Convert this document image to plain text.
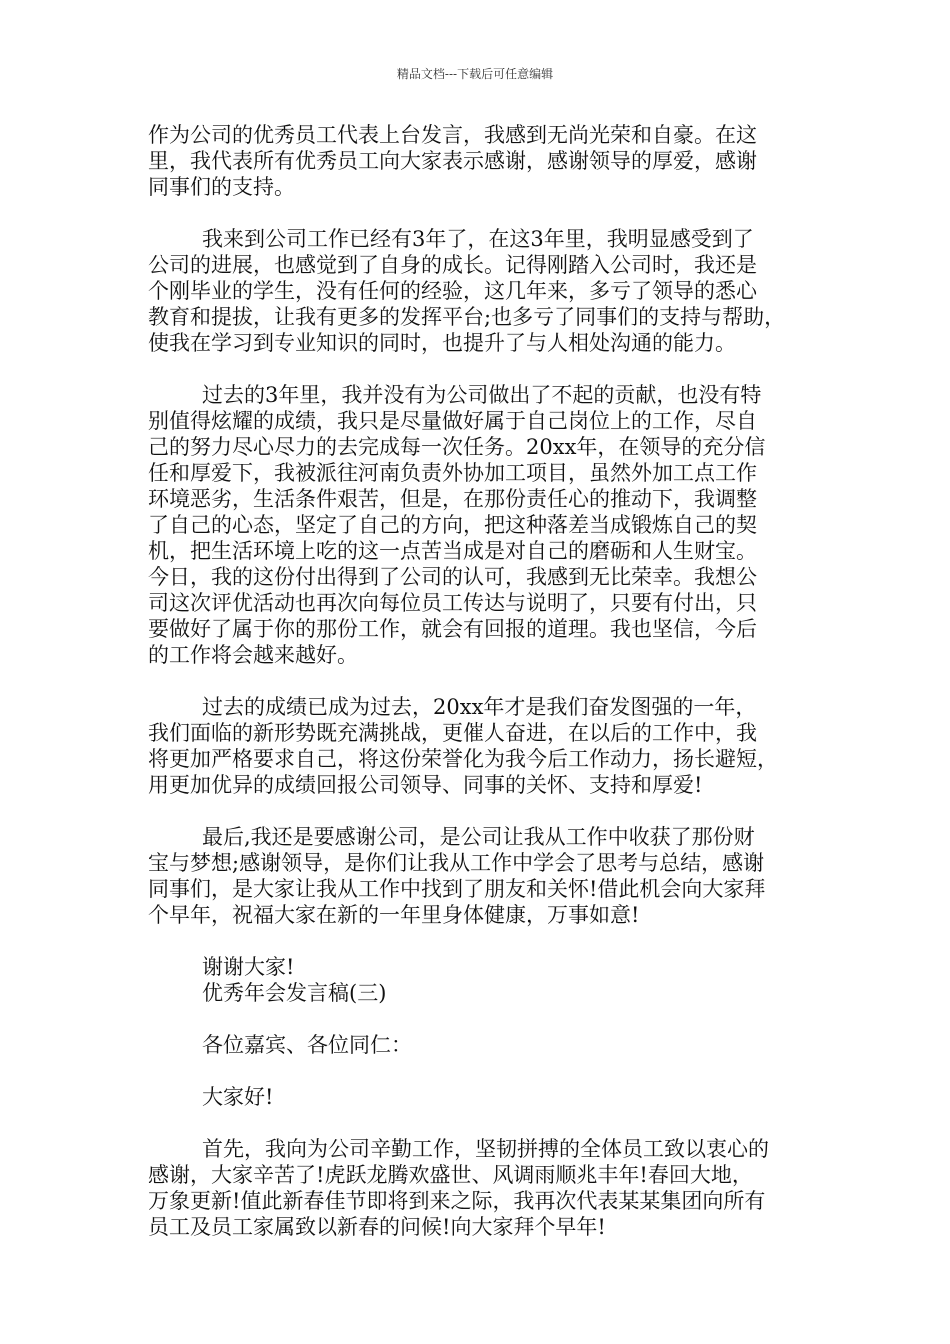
精品文档---下载后可任意编辑
作为公司的优秀员工代表上台发言，我感到无尚光荣和自豪。在这
里，我代表所有优秀员工向大家表示感谢，感谢领导的厚爱，感谢
同事们的支持。
我来到公司工作已经有3年了，在这3年里，我明显感受到了
公司的进展，也感觉到了自身的成长。记得刚踏入公司时，我还是
个刚毕业的学生，没有任何的经验，这几年来，多亏了领导的悉心
教育和提拔，让我有更多的发挥平台;也多亏了同事们的支持与帮助，
使我在学习到专业知识的同时，也提升了与人相处沟通的能力。
过去的3年里，我并没有为公司做出了不起的贡献，也没有特
别值得炫耀的成绩，我只是尽量做好属于自己岗位上的工作，尽自
己的努力尽心尽力的去完成每一次任务。20xx年，在领导的充分信
任和厚爱下，我被派往河南负责外协加工项目，虽然外加工点工作
环境恶劣，生活条件艰苦，但是，在那份责任心的推动下，我调整
了自己的心态，坚定了自己的方向，把这种落差当成锻炼自己的契
机，把生活环境上吃的这一点苦当成是对自己的磨砺和人生财宝。
今日，我的这份付出得到了公司的认可，我感到无比荣幸。我想公
司这次评优活动也再次向每位员工传达与说明了，只要有付出，只
要做好了属于你的那份工作，就会有回报的道理。我也坚信，今后
的工作将会越来越好。
过去的成绩已成为过去，20xx年才是我们奋发图强的一年，
我们面临的新形势既充满挑战，更催人奋进，在以后的工作中，我
将更加严格要求自己，将这份荣誉化为我今后工作动力，扬长避短，
用更加优异的成绩回报公司领导、同事的关怀、支持和厚爱!
最后,我还是要感谢公司，是公司让我从工作中收获了那份财
宝与梦想;感谢领导，是你们让我从工作中学会了思考与总结，感谢
同事们，是大家让我从工作中找到了朋友和关怀!借此机会向大家拜
个早年，祝福大家在新的一年里身体健康，万事如意!
谢谢大家!
优秀年会发言稿(三)
各位嘉宾、各位同仁：
大家好!
首先，我向为公司辛勤工作，坚韧拼搏的全体员工致以衷心的
感谢，大家辛苦了!虎跃龙腾欢盛世、风调雨顺兆丰年!春回大地，
万象更新!值此新春佳节即将到来之际，我再次代表某某集团向所有
员工及员工家属致以新春的问候!向大家拜个早年!
